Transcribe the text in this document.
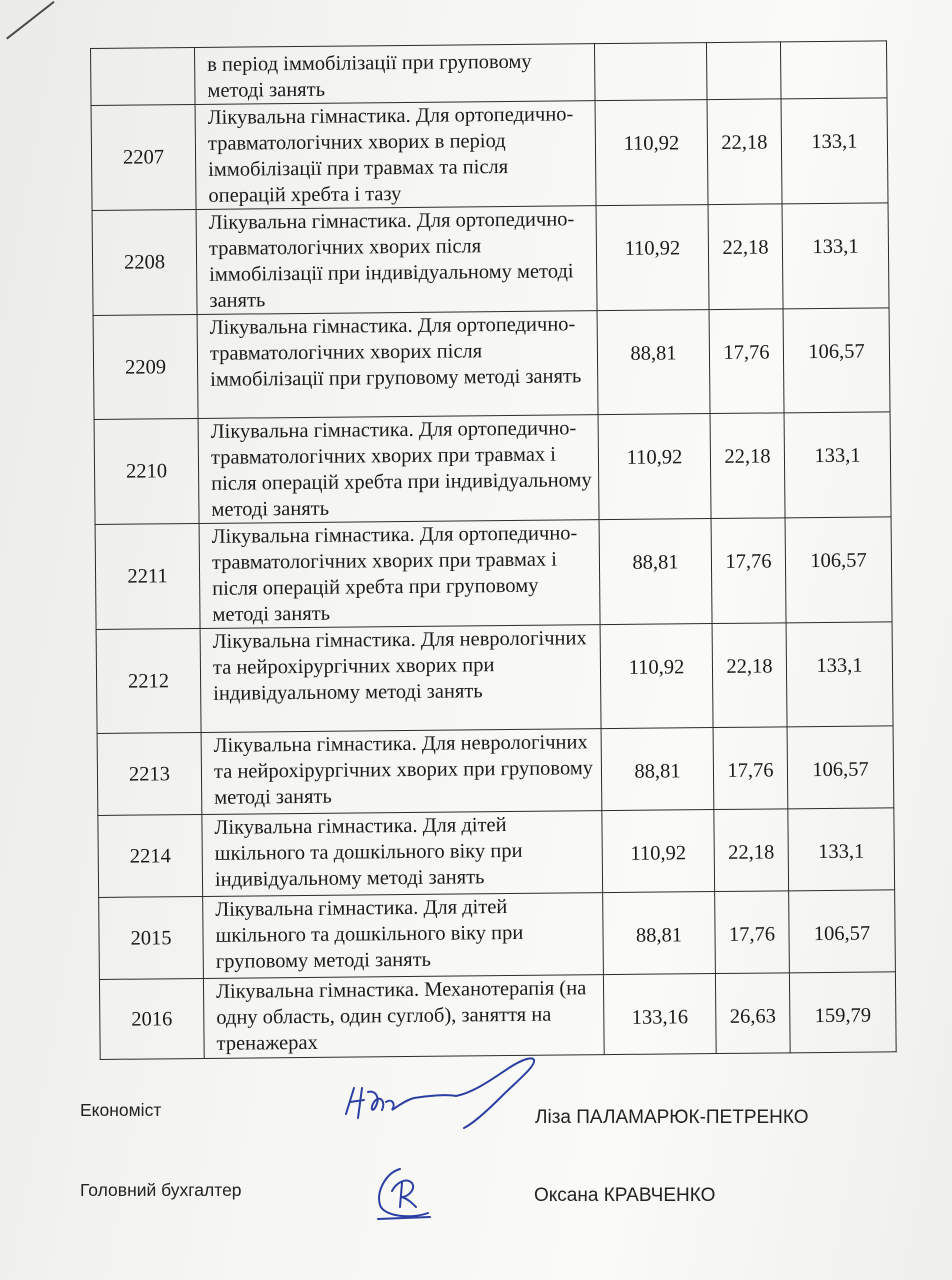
	в період іммобілізації при груповому методі занять			
2207	Лікувальна гімнастика. Для ортопедично-травматологічних хворих в період іммобілізації при травмах та після операцій хребта і тазу	110,92	22,18	133,1
2208	Лікувальна гімнастика. Для ортопедично-травматологічних хворих після іммобілізації при індивідуальному методі занять	110,92	22,18	133,1
2209	Лікувальна гімнастика. Для ортопедично-травматологічних хворих після іммобілізації при груповому методі занять	88,81	17,76	106,57
2210	Лікувальна гімнастика. Для ортопедично-травматологічних хворих при травмах і після операцій хребта при індивідуальному методі занять	110,92	22,18	133,1
2211	Лікувальна гімнастика. Для ортопедично-травматологічних хворих при травмах і після операцій хребта при груповому методі занять	88,81	17,76	106,57
2212	Лікувальна гімнастика. Для неврологічних та нейрохірургічних хворих при індивідуальному методі занять	110,92	22,18	133,1
2213	Лікувальна гімнастика. Для неврологічних та нейрохірургічних хворих при груповому методі занять	88,81	17,76	106,57
2214	Лікувальна гімнастика. Для дітей шкільного та дошкільного віку при індивідуальному методі занять	110,92	22,18	133,1
2015	Лікувальна гімнастика. Для дітей шкільного та дошкільного віку при груповому методі занять	88,81	17,76	106,57
2016	Лікувальна гімнастика. Механотерапія (на одну область, один суглоб), заняття на тренажерах	133,16	26,63	159,79
Економіст	Ліза ПАЛАМАРЮК-ПЕТРЕНКО
Головний бухгалтер	Оксана КРАВЧЕНКО
